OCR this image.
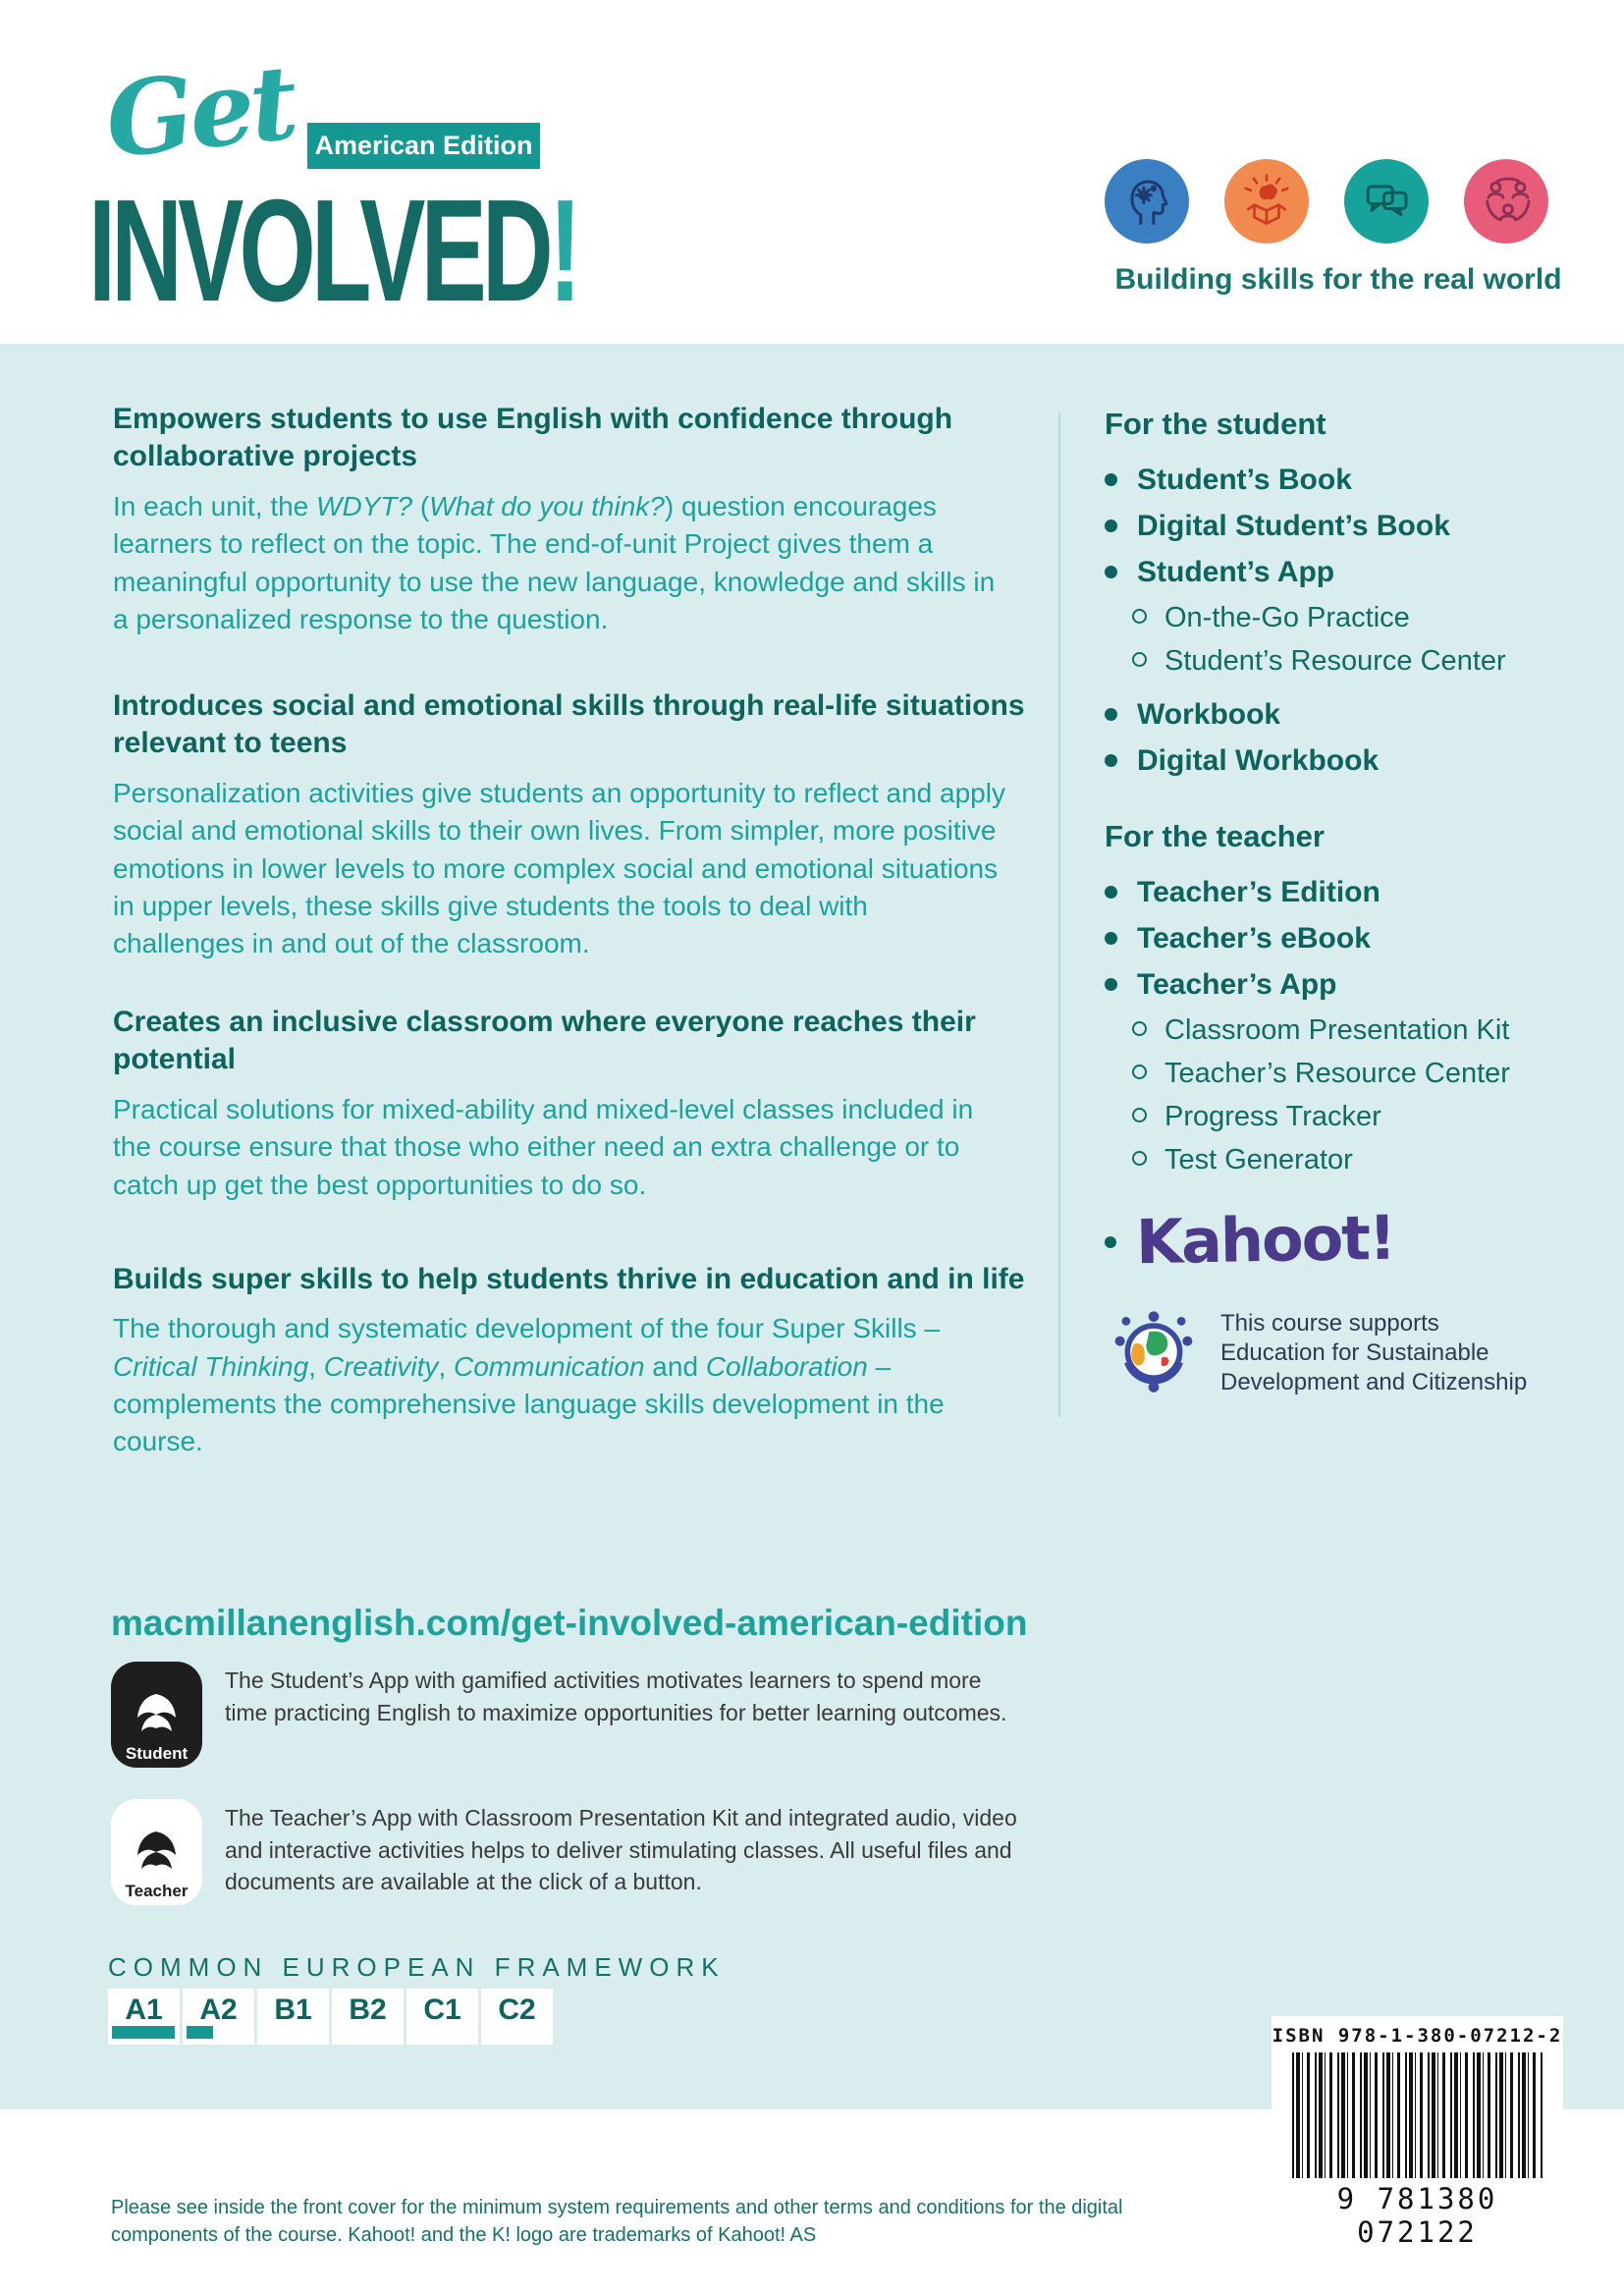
Get American Edition
INVOLVED!	Building skills for the real world
Empowers students to use English with confidence through collaborative projects

In each unit, the WDYT? (What do you think?) question encourages learners to reflect on the topic. The end-of-unit Project gives them a meaningful opportunity to use the new language, knowledge and skills in a personalized response to the question.

Introduces social and emotional skills through real-life situations relevant to teens

Personalization activities give students an opportunity to reflect and apply social and emotional skills to their own lives. From simpler, more positive emotions in lower levels to more complex social and emotional situations in upper levels, these skills give students the tools to deal with challenges in and out of the classroom.

Creates an inclusive classroom where everyone reaches their potential

Practical solutions for mixed-ability and mixed-level classes included in the course ensure that those who either need an extra challenge or to catch up get the best opportunities to do so.

Builds super skills to help students thrive in education and in life

The thorough and systematic development of the four Super Skills – Critical Thinking, Creativity, Communication and Collaboration – complements the comprehensive language skills development in the course.

For the student
Student’s Book
Digital Student’s Book
Student’s App
On-the-Go Practice
Student’s Resource Center
Workbook
Digital Workbook
For the teacher
Teacher’s Edition
Teacher’s eBook
Teacher’s App
Classroom Presentation Kit
Teacher’s Resource Center
Progress Tracker
Test Generator
Kahoot!
This course supports Education for Sustainable Development and Citizenship
macmillanenglish.com/get-involved-american-edition
Student
The Student’s App with gamified activities motivates learners to spend more time practicing English to maximize opportunities for better learning outcomes.
Teacher
The Teacher’s App with Classroom Presentation Kit and integrated audio, video and interactive activities helps to deliver stimulating classes. All useful files and documents are available at the click of a button.
COMMON EUROPEAN FRAMEWORK
A1	A2	B1	B2	C1	C2
ISBN 978-1-380-07212-2
9 781380 072122
Please see inside the front cover for the minimum system requirements and other terms and conditions for the digital components of the course. Kahoot! and the K! logo are trademarks of Kahoot! AS
